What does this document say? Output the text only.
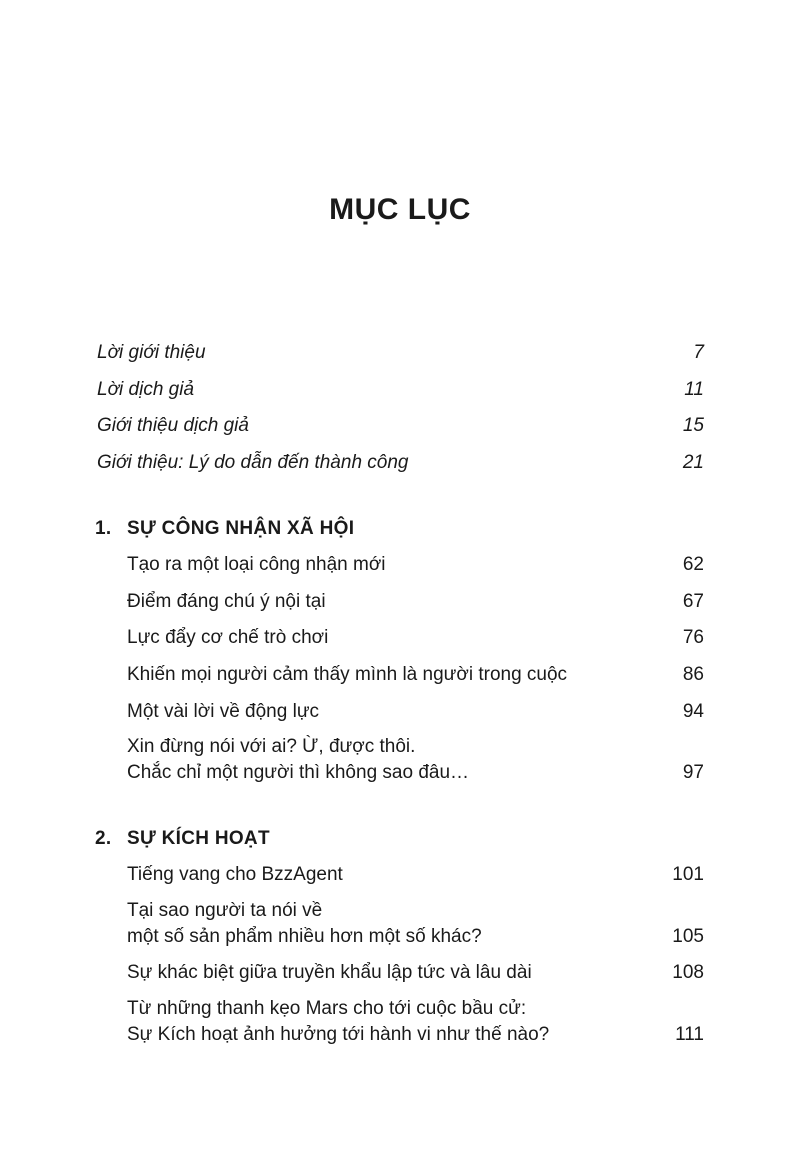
MỤC LỤC
Lời giới thiệu	7
Lời dịch giả	11
Giới thiệu dịch giả	15
Giới thiệu: Lý do dẫn đến thành công	21
1. SỰ CÔNG NHẬN XÃ HỘI
Tạo ra một loại công nhận mới	62
Điểm đáng chú ý nội tại	67
Lực đẩy cơ chế trò chơi	76
Khiến mọi người cảm thấy mình là người trong cuộc	86
Một vài lời về động lực	94
Xin đừng nói với ai? Ừ, được thôi.
Chắc chỉ một người thì không sao đâu…	97
2. SỰ KÍCH HOẠT
Tiếng vang cho BzzAgent	101
Tại sao người ta nói về
một số sản phẩm nhiều hơn một số khác?	105
Sự khác biệt giữa truyền khẩu lập tức và lâu dài	108
Từ những thanh kẹo Mars cho tới cuộc bầu cử:
Sự Kích hoạt ảnh hưởng tới hành vi như thế nào?	111
